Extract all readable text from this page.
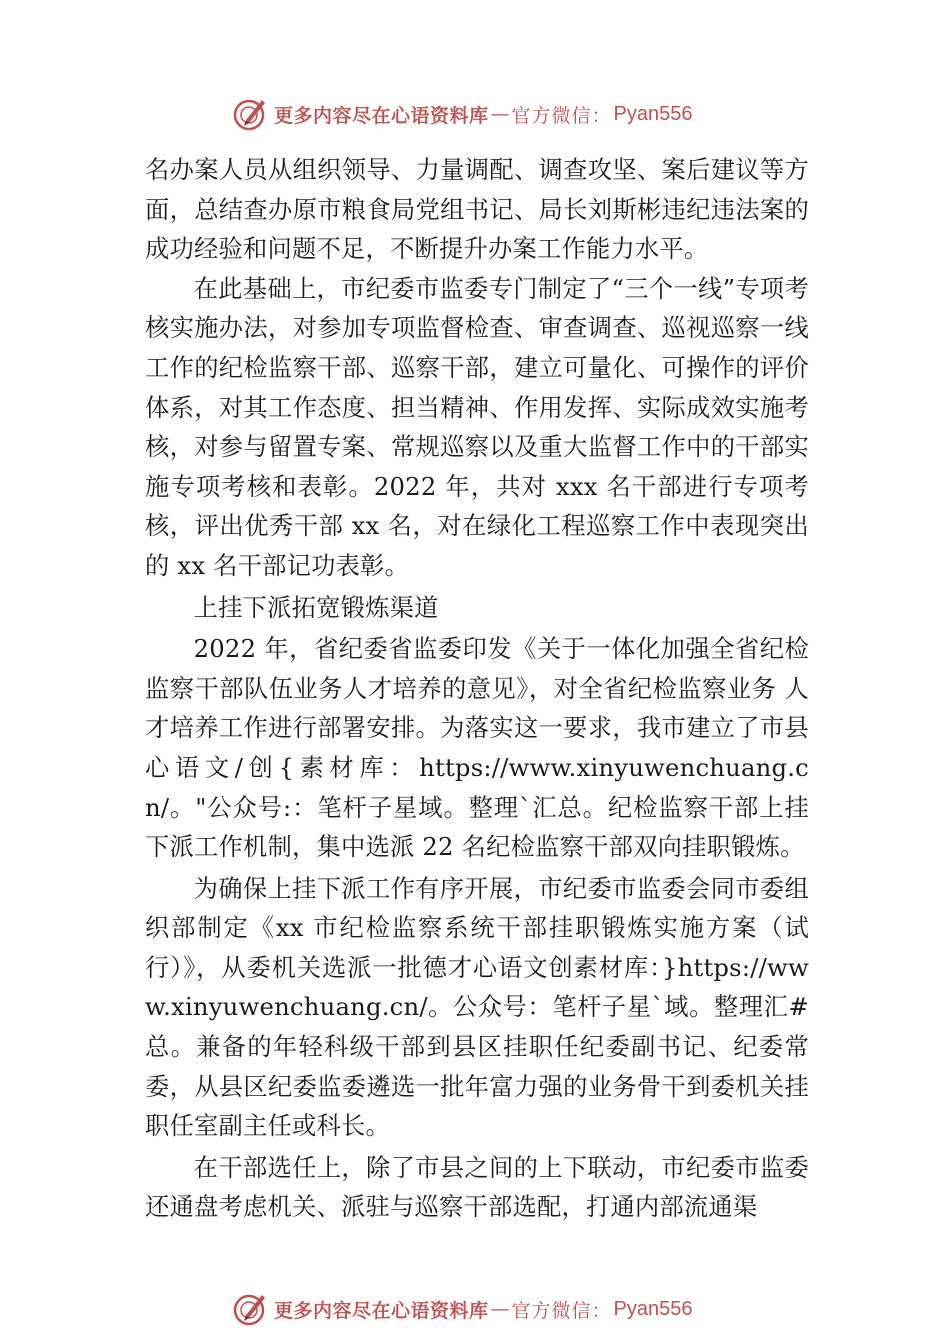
更多内容尽在心语资料库 — 官方微信： Pyan556

名办案人员从组织领导、力量调配、调查攻坚、案后建议等方面，总结查办原市粮食局党组书记、局长刘斯彬违纪违法案的成功经验和问题不足，不断提升办案工作能力水平。

在此基础上，市纪委市监委专门制定了“三个一线”专项考核实施办法，对参加专项监督检查、审查调查、巡视巡察一线工作的纪检监察干部、巡察干部，建立可量化、可操作的评价体系，对其工作态度、担当精神、作用发挥、实际成效实施考核，对参与留置专案、常规巡察以及重大监督工作中的干部实施专项考核和表彰。2022 年，共对 xxx 名干部进行专项考核，评出优秀干部 xx 名，对在绿化工程巡察工作中表现突出的 xx 名干部记功表彰。

上挂下派拓宽锻炼渠道

2022 年，省纪委省监委印发《关于一体化加强全省纪检监察干部队伍业务人才培养的意见》，对全省纪检监察业务 人才培养工作进行部署安排。为落实这一要求，我市建立了市县心语文/创{素材库：https://www.xinyuwenchuang.cn/。"公众号:：笔杆子星域。整理`汇总。纪检监察干部上挂下派工作机制，集中选派 22 名纪检监察干部双向挂职锻炼。

为确保上挂下派工作有序开展，市纪委市监委会同市委组织部制定《xx 市纪检监察系统干部挂职锻炼实施方案（试行）》，从委机关选派一批德才心语文创素材库：}https://www.xinyuwenchuang.cn/。公众号：笔杆子星`域。整理汇#总。兼备的年轻科级干部到县区挂职任纪委副书记、纪委常委，从县区纪委监委遴选一批年富力强的业务骨干到委机关挂职任室副主任或科长。

在干部选任上，除了市县之间的上下联动，市纪委市监委还通盘考虑机关、派驻与巡察干部选配，打通内部流通渠

更多内容尽在心语资料库 — 官方微信： Pyan556
